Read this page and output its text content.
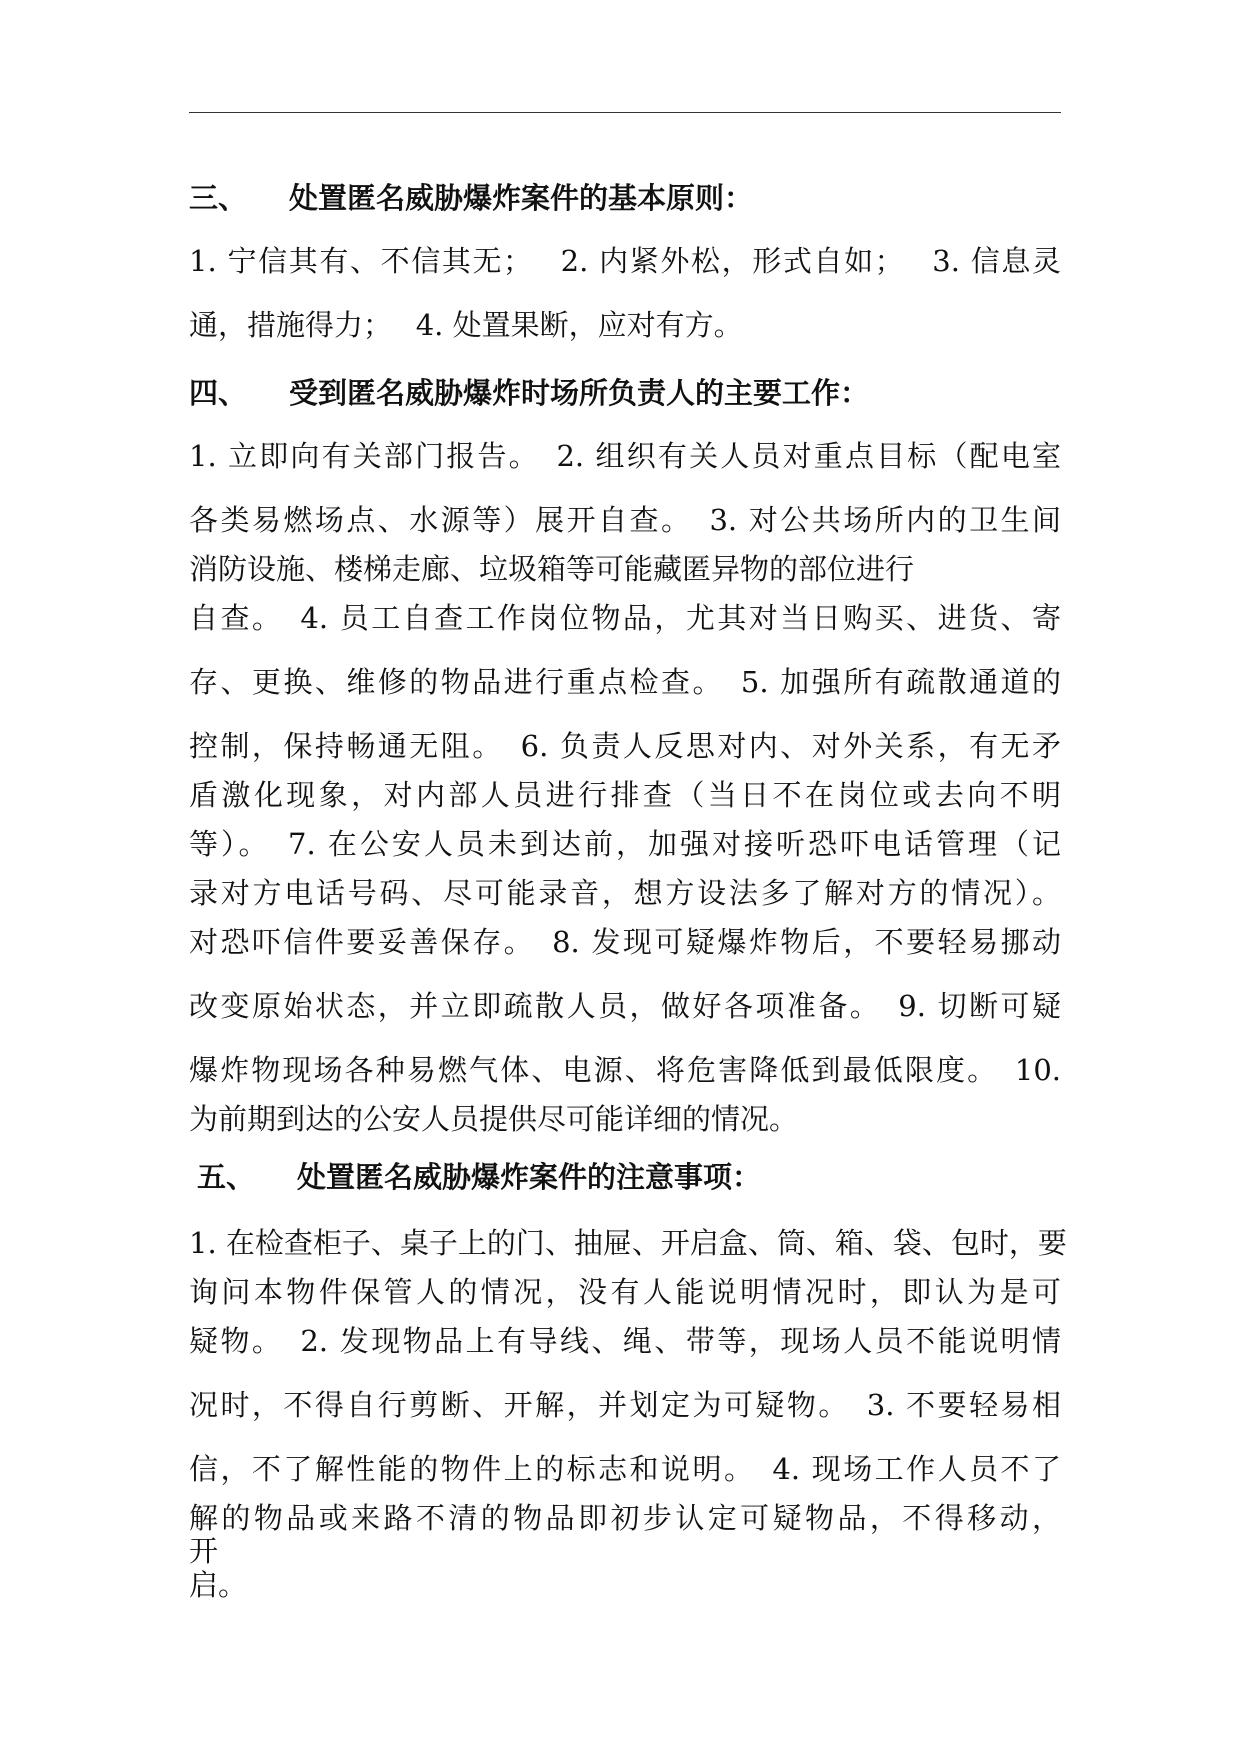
三、 处置匿名威胁爆炸案件的基本原则：
1. 宁信其有、不信其无；　 2. 内紧外松，形式自如；　 3. 信息灵
通，措施得力；　 4. 处置果断，应对有方。
四、 受到匿名威胁爆炸时场所负责人的主要工作：
1. 立即向有关部门报告。　2. 组织有关人员对重点目标（配电室
各类易燃场点、水源等）展开自查。　3. 对公共场所内的卫生间
消防设施、楼梯走廊、垃圾箱等可能藏匿异物的部位进行
自查。　4. 员工自查工作岗位物品，尤其对当日购买、进货、寄
存、更换、维修的物品进行重点检查。　5. 加强所有疏散通道的
控制，保持畅通无阻。　6. 负责人反思对内、对外关系，有无矛
盾激化现象，对内部人员进行排查（当日不在岗位或去向不明
等）。　7. 在公安人员未到达前，加强对接听恐吓电话管理（记
录对方电话号码、尽可能录音，想方设法多了解对方的情况）。
对恐吓信件要妥善保存。　8. 发现可疑爆炸物后，不要轻易挪动
改变原始状态，并立即疏散人员，做好各项准备。　9. 切断可疑
爆炸物现场各种易燃气体、电源、将危害降低到最低限度。　10.
为前期到达的公安人员提供尽可能详细的情况。
五、 处置匿名威胁爆炸案件的注意事项：
1. 在检查柜子、桌子上的门、抽屉、开启盒、筒、箱、袋、包时，要
询问本物件保管人的情况，没有人能说明情况时，即认为是可
疑物。　2. 发现物品上有导线、绳、带等，现场人员不能说明情
况时，不得自行剪断、开解，并划定为可疑物。　3. 不要轻易相
信，不了解性能的物件上的标志和说明。　4. 现场工作人员不了
解的物品或来路不清的物品即初步认定可疑物品，不得移动，
开
启。
